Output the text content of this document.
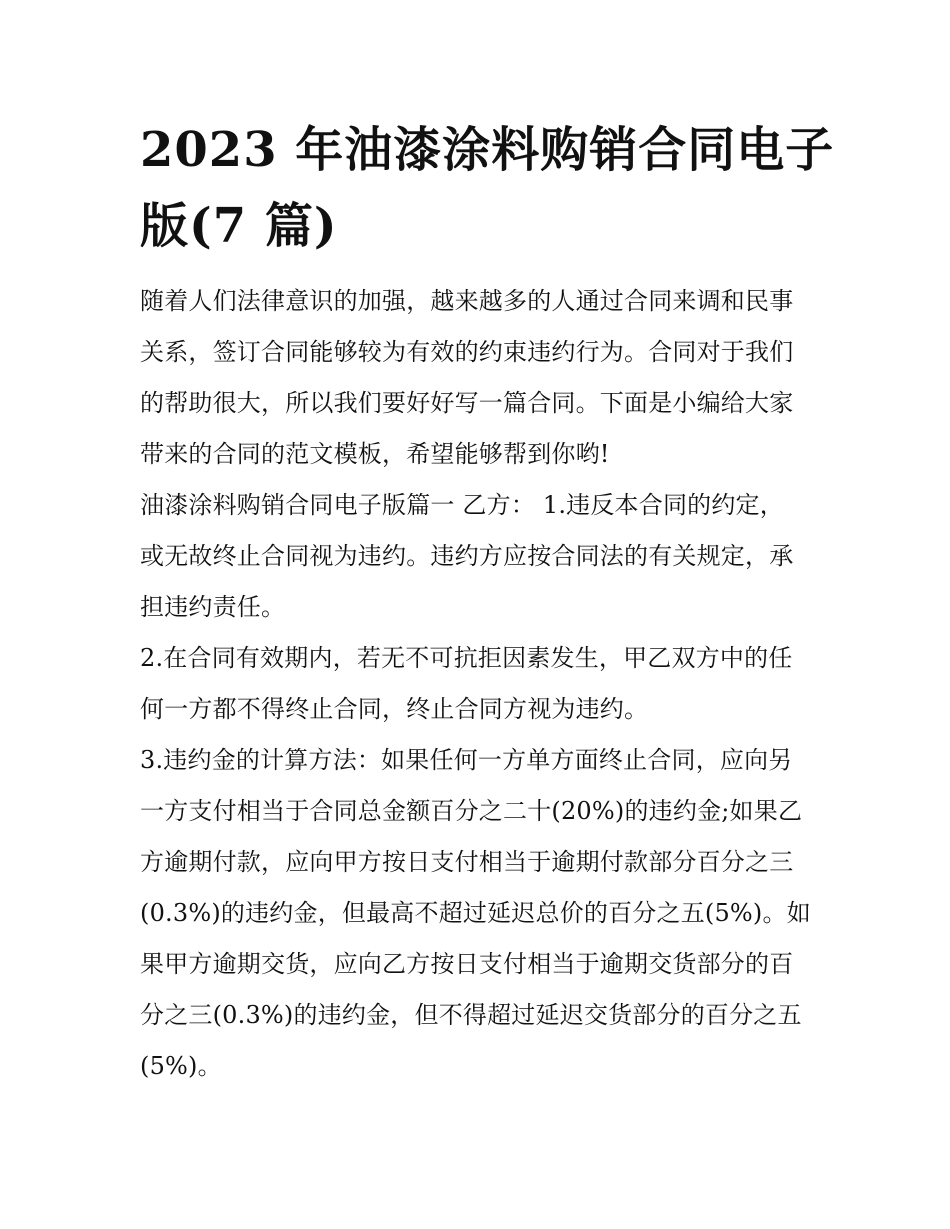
2023 年油漆涂料购销合同电子
版(7 篇)
随着人们法律意识的加强，越来越多的人通过合同来调和民事
关系，签订合同能够较为有效的约束违约行为。合同对于我们
的帮助很大，所以我们要好好写一篇合同。下面是小编给大家
带来的合同的范文模板，希望能够帮到你哟!
油漆涂料购销合同电子版篇一 乙方： 1.违反本合同的约定，
或无故终止合同视为违约。违约方应按合同法的有关规定，承
担违约责任。
2.在合同有效期内，若无不可抗拒因素发生，甲乙双方中的任
何一方都不得终止合同，终止合同方视为违约。
3.违约金的计算方法：如果任何一方单方面终止合同，应向另
一方支付相当于合同总金额百分之二十(20%)的违约金;如果乙
方逾期付款，应向甲方按日支付相当于逾期付款部分百分之三
(0.3%)的违约金，但最高不超过延迟总价的百分之五(5%)。如
果甲方逾期交货，应向乙方按日支付相当于逾期交货部分的百
分之三(0.3%)的违约金，但不得超过延迟交货部分的百分之五
(5%)。
